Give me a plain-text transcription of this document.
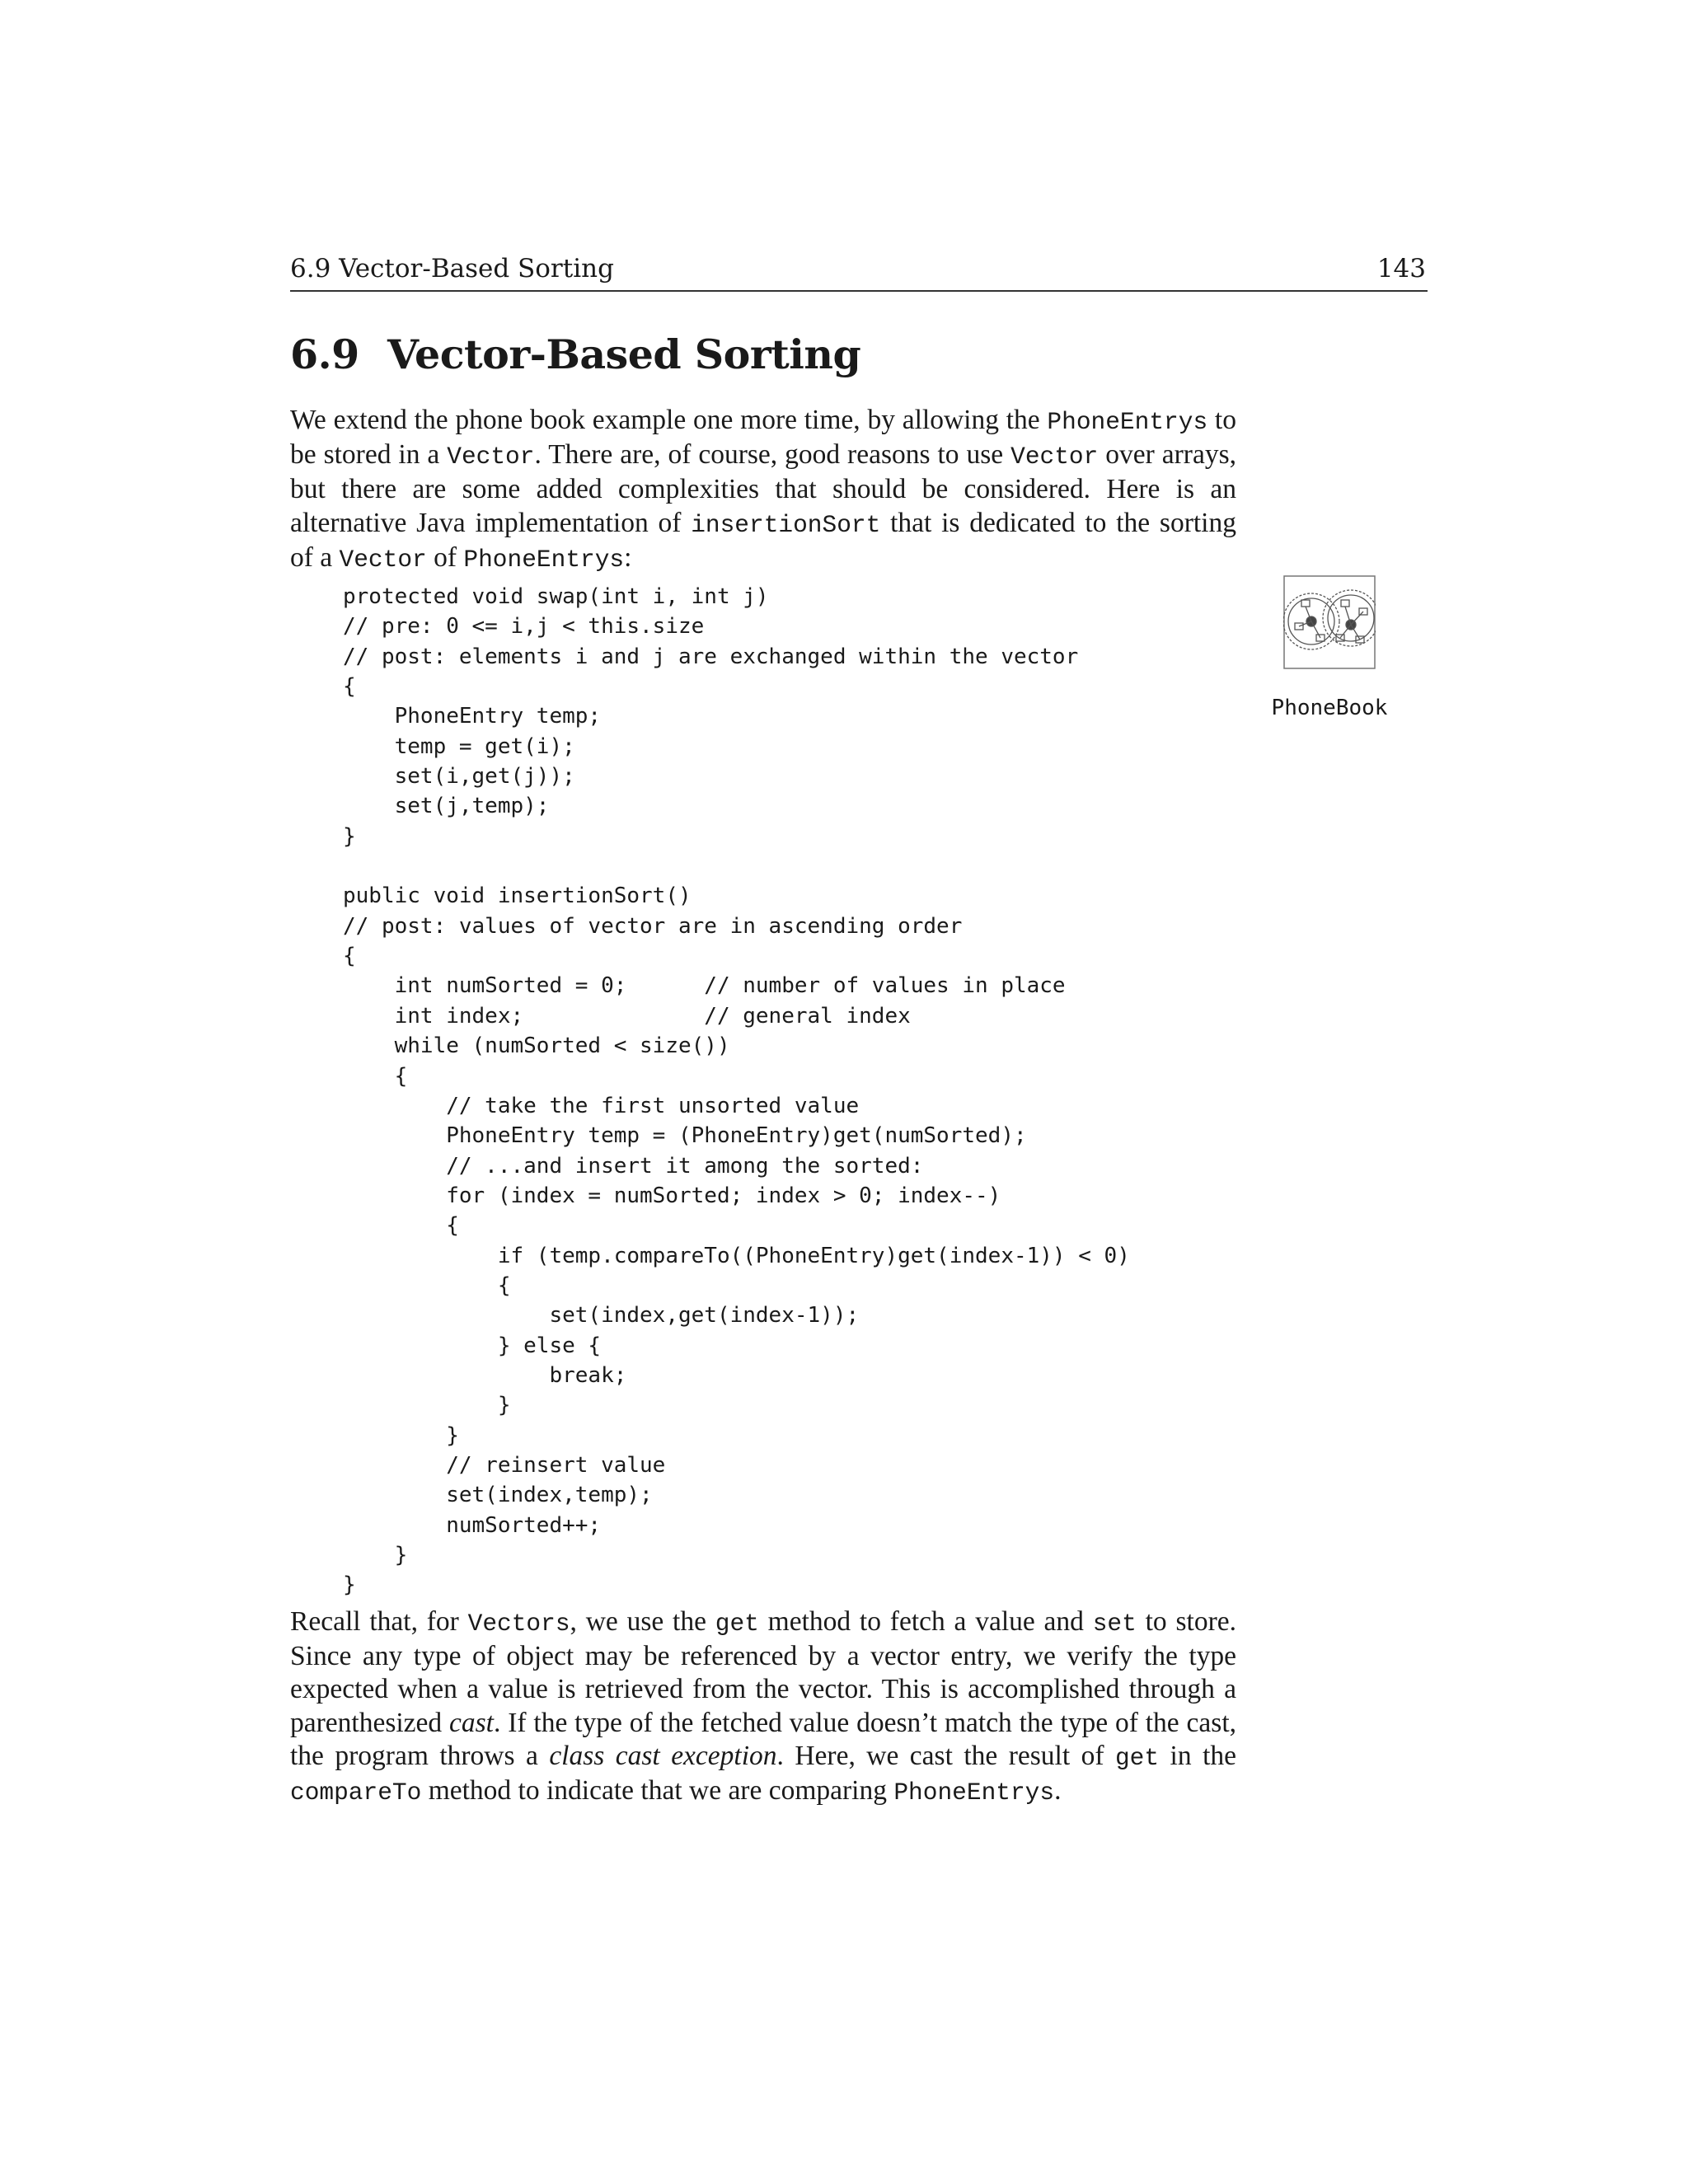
6.9 Vector-Based Sorting	143
6.9 Vector-Based Sorting

We extend the phone book example one more time, by allowing the PhoneEntrys to be stored in a Vector. There are, of course, good reasons to use Vector over arrays, but there are some added complexities that should be considered. Here is an alternative Java implementation of insertionSort that is dedicated to the sorting of a Vector of PhoneEntrys:

PhoneBook
protected void swap(int i, int j)
// pre: 0 <= i,j < this.size
// post: elements i and j are exchanged within the vector
{
PhoneEntry temp;
temp = get(i);
set(i,get(j));
set(j,temp);
}

public void insertionSort()
// post: values of vector are in ascending order
{
int numSorted = 0;      // number of values in place
int index;              // general index
while (numSorted < size())
{
// take the first unsorted value
PhoneEntry temp = (PhoneEntry)get(numSorted);
// ...and insert it among the sorted:
for (index = numSorted; index > 0; index--)
{
if (temp.compareTo((PhoneEntry)get(index-1)) < 0)
{
set(index,get(index-1));
} else {
break;
}
}
// reinsert value
set(index,temp);
numSorted++;
}
}

Recall that, for Vectors, we use the get method to fetch a value and set to store. Since any type of object may be referenced by a vector entry, we verify the type expected when a value is retrieved from the vector. This is accomplished through a parenthesized cast. If the type of the fetched value doesn’t match the type of the cast, the program throws a class cast exception. Here, we cast the result of get in the compareTo method to indicate that we are comparing PhoneEntrys.
